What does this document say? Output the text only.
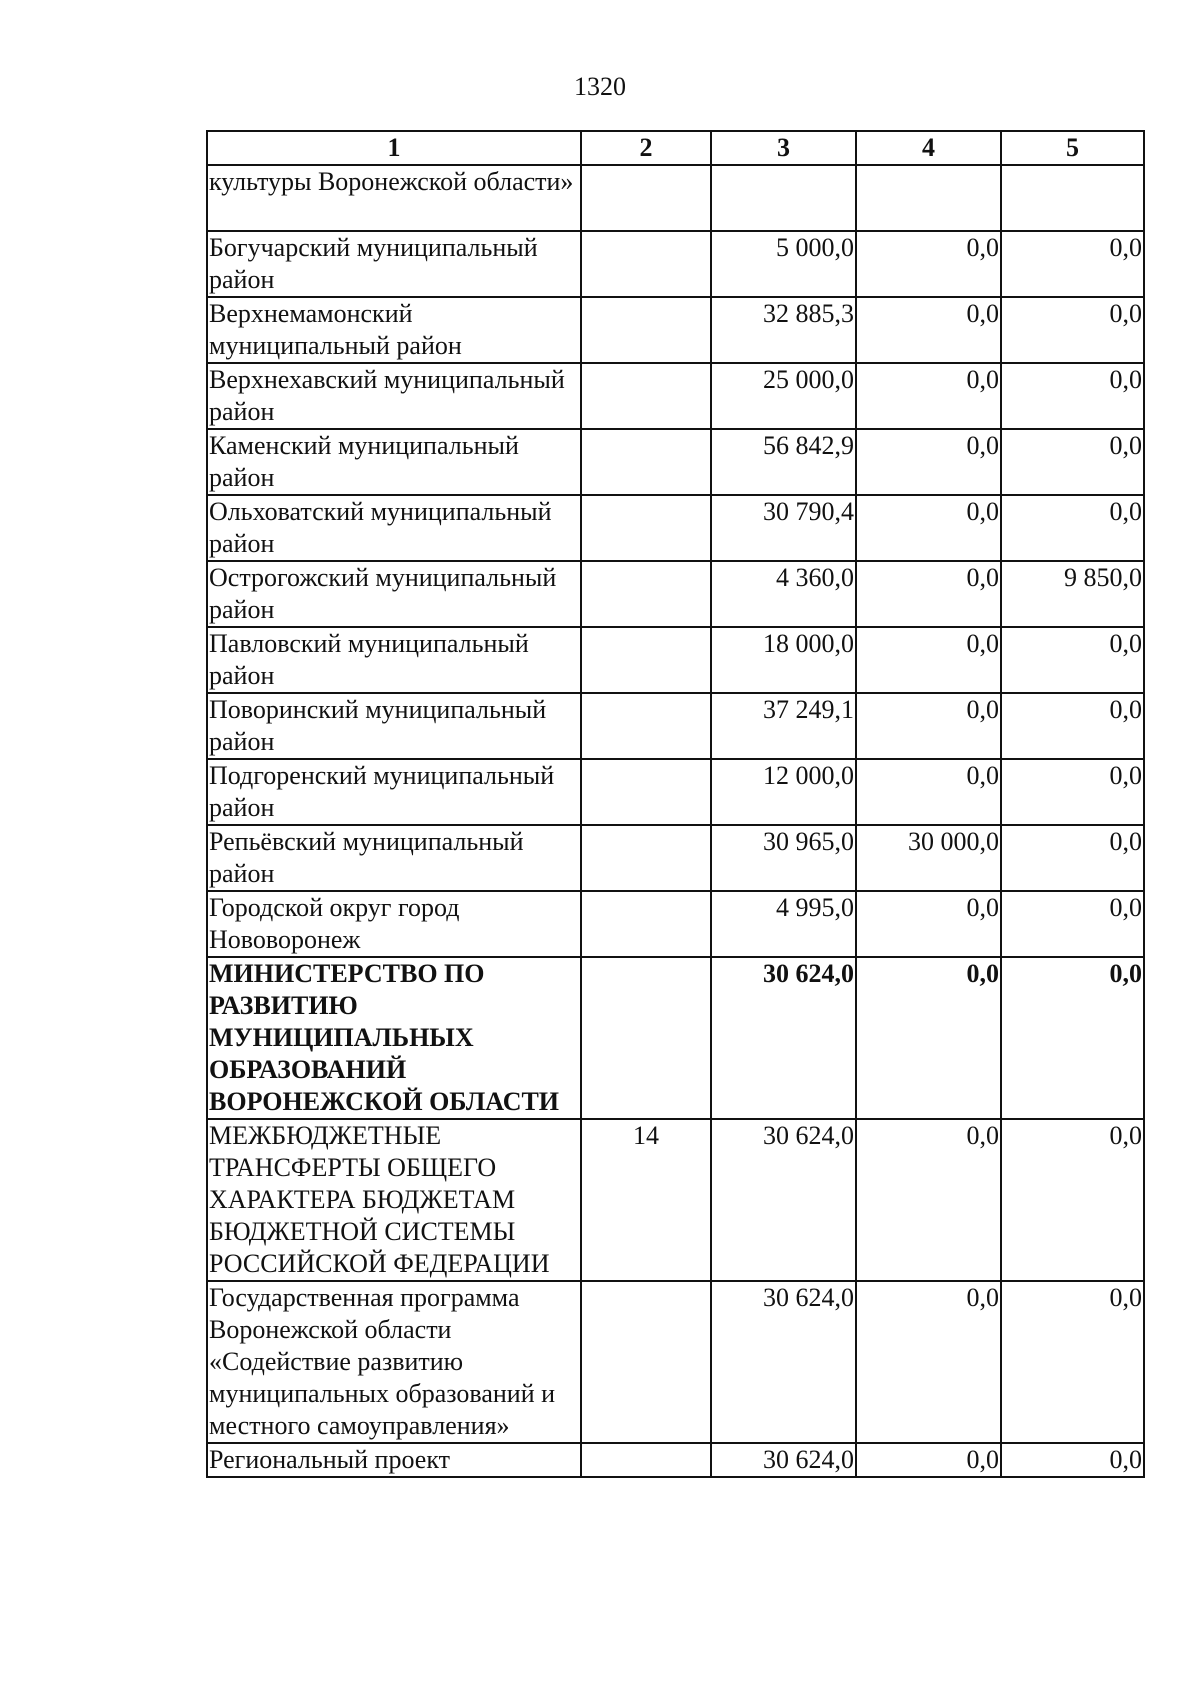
1320
1	2	3	4	5
культуры Воронежской области»				
Богучарский муниципальный район		5 000,0	0,0	0,0
Верхнемамонский муниципальный район		32 885,3	0,0	0,0
Верхнехавский муниципальный район		25 000,0	0,0	0,0
Каменский муниципальный район		56 842,9	0,0	0,0
Ольховатский муниципальный район		30 790,4	0,0	0,0
Острогожский муниципальный район		4 360,0	0,0	9 850,0
Павловский муниципальный район		18 000,0	0,0	0,0
Поворинский муниципальный район		37 249,1	0,0	0,0
Подгоренский муниципальный район		12 000,0	0,0	0,0
Репьёвский муниципальный район		30 965,0	30 000,0	0,0
Городской округ город Нововоронеж		4 995,0	0,0	0,0
МИНИСТЕРСТВО ПО РАЗВИТИЮ МУНИЦИПАЛЬНЫХ ОБРАЗОВАНИЙ ВОРОНЕЖСКОЙ ОБЛАСТИ		30 624,0	0,0	0,0
МЕЖБЮДЖЕТНЫЕ ТРАНСФЕРТЫ ОБЩЕГО ХАРАКТЕРА БЮДЖЕТАМ БЮДЖЕТНОЙ СИСТЕМЫ РОССИЙСКОЙ ФЕДЕРАЦИИ	14	30 624,0	0,0	0,0
Государственная программа Воронежской области «Содействие развитию муниципальных образований и местного самоуправления»		30 624,0	0,0	0,0
Региональный проект		30 624,0	0,0	0,0
